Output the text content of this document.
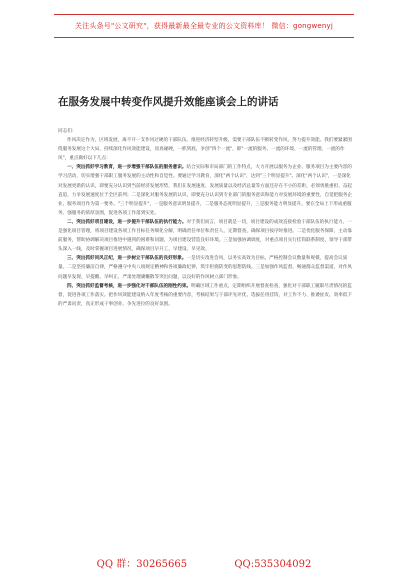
关注头条号"公文研究"，获得最新最全最专业的公文资料库！ 微信：gongwenyj
在服务发展中转变作风提升效能座谈会上的讲话

同志们：

作风决定作为，区域发展，离不开一支作风过硬的干部队伍。推进经济转型升级，需要干部队伍不断转变作风，努力提升效能。我们要紧紧围绕服务发展这个大局，持续深化作风效能建设，顶真碰硬，一抓到底，争创"四个一流"，即"一流的服务、一流的环境、一流的管理、一流的作风"，重点做好以下几点：

一、突出抓好学习教育，进一步增强干部队伍的服务意识。结合实际和市局部门的工作特点，大力开展以服务为企业、服务项目为主要内容的学习活动，切实增强干部职工服务发展的主动性和自觉性。要通过学习教育，深化"两个认识"，达到"三个明显提升"。深化"两个认识"，一是深化对发展更新的认识，即要充分认识到当前经济发展形势，我们在发展速度、发展质量以及经济总量等方面还存在不小的差距，必须勇挑重担、奋起直追，力争发展速度位于全区前列；二是深化对服务发展的认识，即要充分认识到专业部门的服务意识和能力对发展环境的重要性，自觉把服务企业、服务项目作为第一要务。"三个明显提升"，一是服务意识明显提升，二是服务态度明显提升，三是服务能力明显提升。要在全局上下形成重服务、强服务的浓厚氛围，促进各项工作落到实处。

二、突出抓好项目建设，进一步提升干部队伍的执行能力。对于我们而言，项目就是一切，项目建设的成效直接检验干部队伍的执行能力。一是强化项目管理，将项目建设各项工作目标任务细化分解，明确责任单位和责任人，定期督查，确保项目按序时推进。二是优化服务保障，主动靠前服务，帮助协调解决项目推进中遇到的困难和问题，为项目建设营造良好环境。三是加强协调调度，对重点项目实行挂钩联系制度，领导干部带头深入一线，及时掌握项目进展情况，确保项目早开工、早建设、早见效。

三、突出抓好问风正纪，进一步树立干部队伍的良好形象。一是切实改进会风，以务实高效为目标，严格控制会议数量和规模，提高会议质量。二是坚持廉洁自律，严格遵守中央八项规定精神和各项廉政纪律，筑牢拒腐防变的思想防线。三是加强作风监督，畅通群众监督渠道，对作风问题早发现、早提醒、早纠正，严肃处理庸懒散等突出问题，以良好的作风树立部门形象。

四、突出抓好监督考核，进一步强化对干部队伍的刚性约束。明确区域工作重点，定期组织开展督查检查，强化对干部职工履职尽责情况的监督，促进各项工作落实。把作风效能建设纳入年度考核的重要内容，考核结果与干部评先评优、选拔任用挂钩，对工作不力、推诿扯皮、效率低下的严肃问责，真正形成干事创业、争先进位的良好氛围。

QQ 群：30265665	QQ:535304092
